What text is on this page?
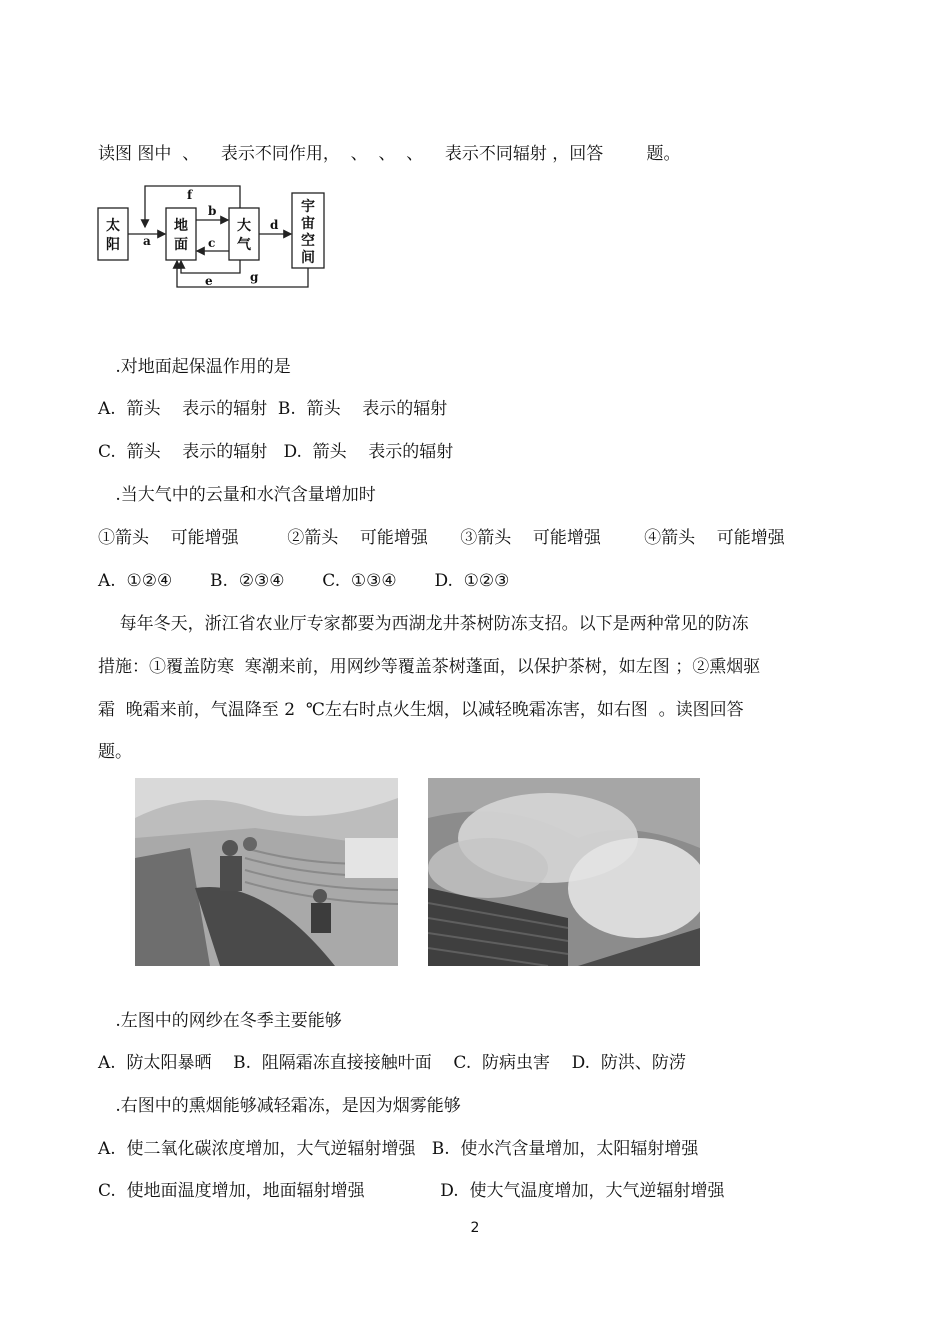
读图 图中  、    表示不同作用，  、  、  、    表示不同辐射 ，回答        题。
太
阳
地
面
大
气
宇
宙
空
间
a
b
c
d
e
f
g
.对地面起保温作用的是
A.  箭头    表示的辐射  B.  箭头    表示的辐射
C.  箭头    表示的辐射   D.  箭头    表示的辐射
.当大气中的云量和水汽含量增加时
①箭头    可能增强         ②箭头    可能增强      ③箭头    可能增强        ④箭头    可能增强
A.  ①②④       B.  ②③④       C.  ①③④       D.  ①②③
每年冬天，浙江省农业厅专家都要为西湖龙井茶树防冻支招。以下是两种常见的防冻
措施：①覆盖防寒  寒潮来前，用网纱等覆盖茶树蓬面，以保护茶树，如左图 ；②熏烟驱
霜  晚霜来前，气温降至 2  ℃左右时点火生烟，以减轻晚霜冻害，如右图  。读图回答
题。
.左图中的网纱在冬季主要能够
A.  防太阳暴晒    B.  阻隔霜冻直接接触叶面    C.  防病虫害    D.  防洪、防涝
.右图中的熏烟能够减轻霜冻，是因为烟雾能够
A.  使二氧化碳浓度增加，大气逆辐射增强   B.  使水汽含量增加，太阳辐射增强
C.  使地面温度增加，地面辐射增强              D.  使大气温度增加，大气逆辐射增强
2
